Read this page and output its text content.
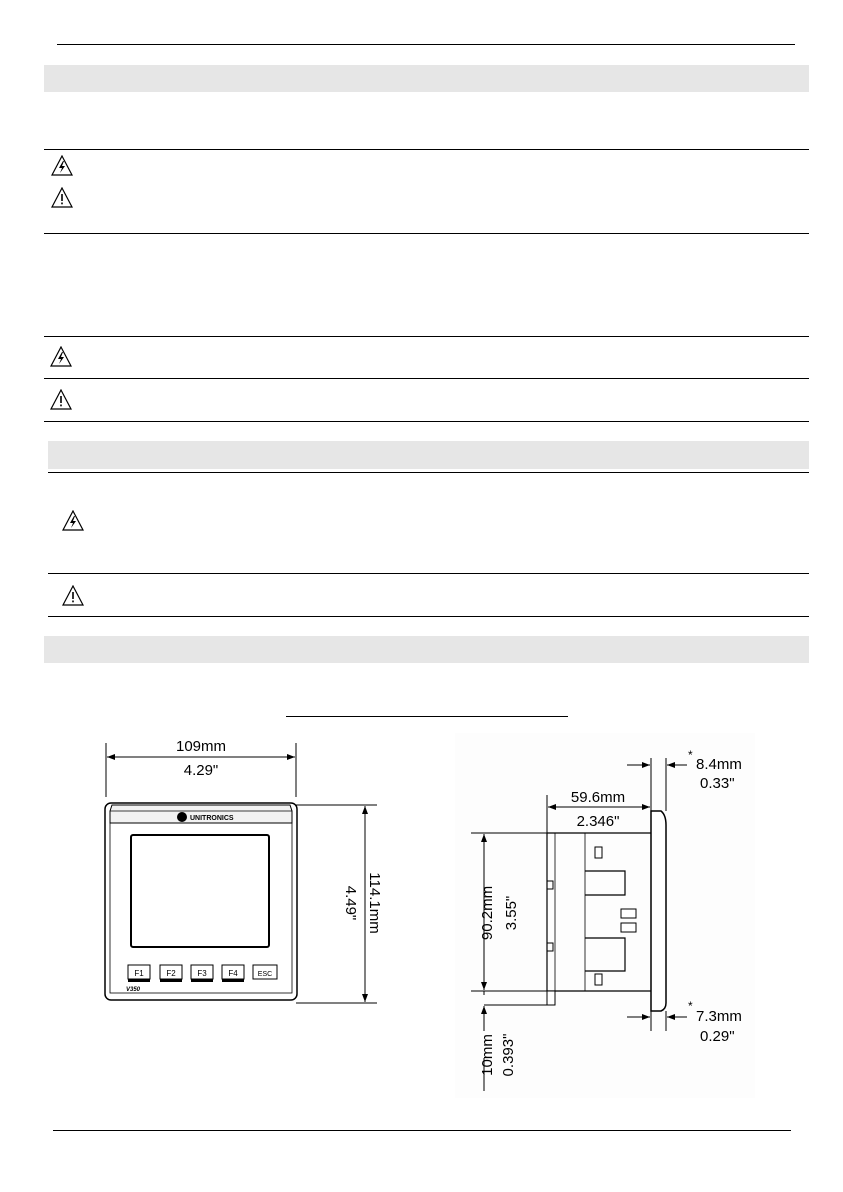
109mm
4.29"
UNITRONICS
F1	F2	F3	F4	ESC
V350
114.1mm
4.49"
*
8.4mm
0.33"
59.6mm
2.346"
90.2mm 3.55"
10mm 0.393"
*
7.3mm
0.29"
